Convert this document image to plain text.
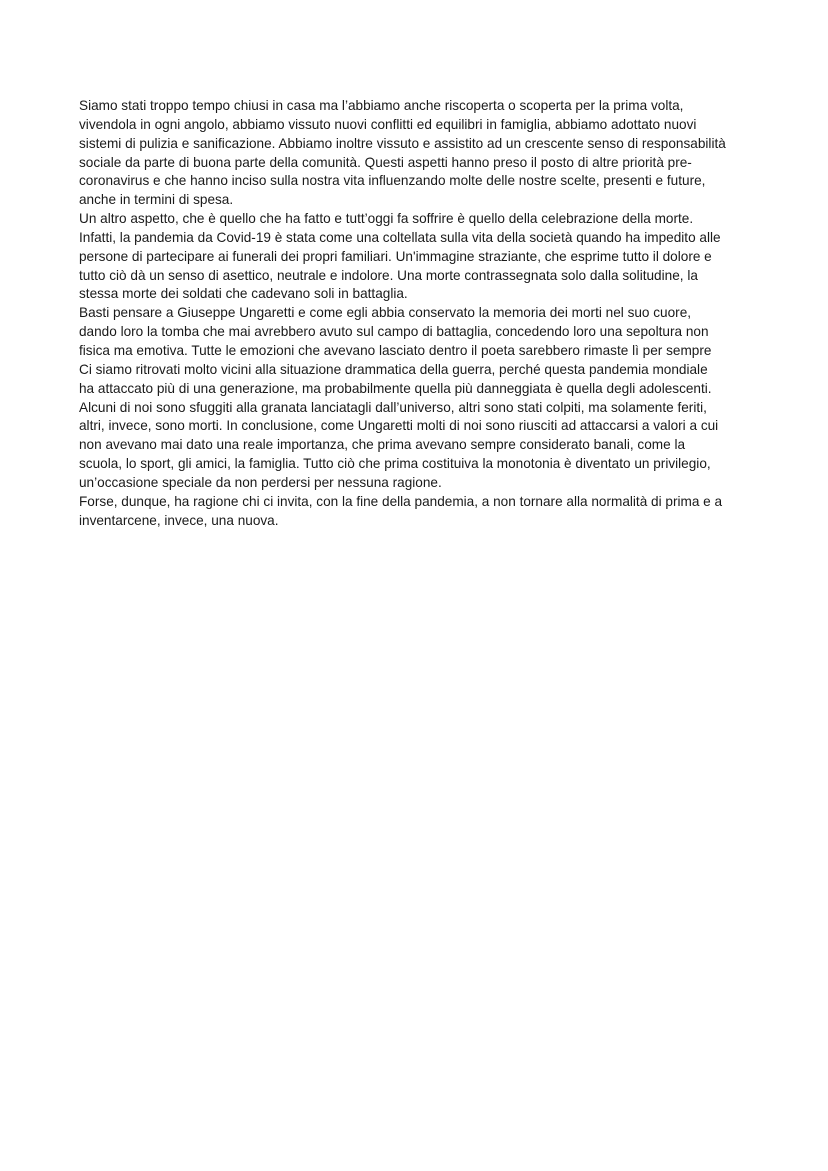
Siamo stati troppo tempo chiusi in casa ma l’abbiamo anche riscoperta o scoperta per la prima volta,
vivendola in ogni angolo, abbiamo vissuto nuovi conflitti ed equilibri in famiglia, abbiamo adottato nuovi
sistemi di pulizia e sanificazione. Abbiamo inoltre vissuto e assistito ad un crescente senso di responsabilità
sociale da parte di buona parte della comunità. Questi aspetti hanno preso il posto di altre priorità pre-
coronavirus e che hanno inciso sulla nostra vita influenzando molte delle nostre scelte, presenti e future,
anche in termini di spesa.
Un altro aspetto, che è quello che ha fatto e tutt’oggi fa soffrire è quello della celebrazione della morte.
Infatti, la pandemia da Covid-19 è stata come una coltellata sulla vita della società quando ha impedito alle
persone di partecipare ai funerali dei propri familiari. Un'immagine straziante, che esprime tutto il dolore e
tutto ciò dà un senso di asettico, neutrale e indolore. Una morte contrassegnata solo dalla solitudine, la
stessa morte dei soldati che cadevano soli in battaglia.
Basti pensare a Giuseppe Ungaretti e come egli abbia conservato la memoria dei morti nel suo cuore,
dando loro la tomba che mai avrebbero avuto sul campo di battaglia, concedendo loro una sepoltura non
fisica ma emotiva. Tutte le emozioni che avevano lasciato dentro il poeta sarebbero rimaste lì per sempre
Ci siamo ritrovati molto vicini alla situazione drammatica della guerra, perché questa pandemia mondiale
ha attaccato più di una generazione, ma probabilmente quella più danneggiata è quella degli adolescenti.
Alcuni di noi sono sfuggiti alla granata lanciatagli dall’universo, altri sono stati colpiti, ma solamente feriti,
altri, invece, sono morti. In conclusione, come Ungaretti molti di noi sono riusciti ad attaccarsi a valori a cui
non avevano mai dato una reale importanza, che prima avevano sempre considerato banali, come la
scuola, lo sport, gli amici, la famiglia. Tutto ciò che prima costituiva la monotonia è diventato un privilegio,
un’occasione speciale da non perdersi per nessuna ragione.
Forse, dunque, ha ragione chi ci invita, con la fine della pandemia, a non tornare alla normalità di prima e a
inventarcene, invece, una nuova.
